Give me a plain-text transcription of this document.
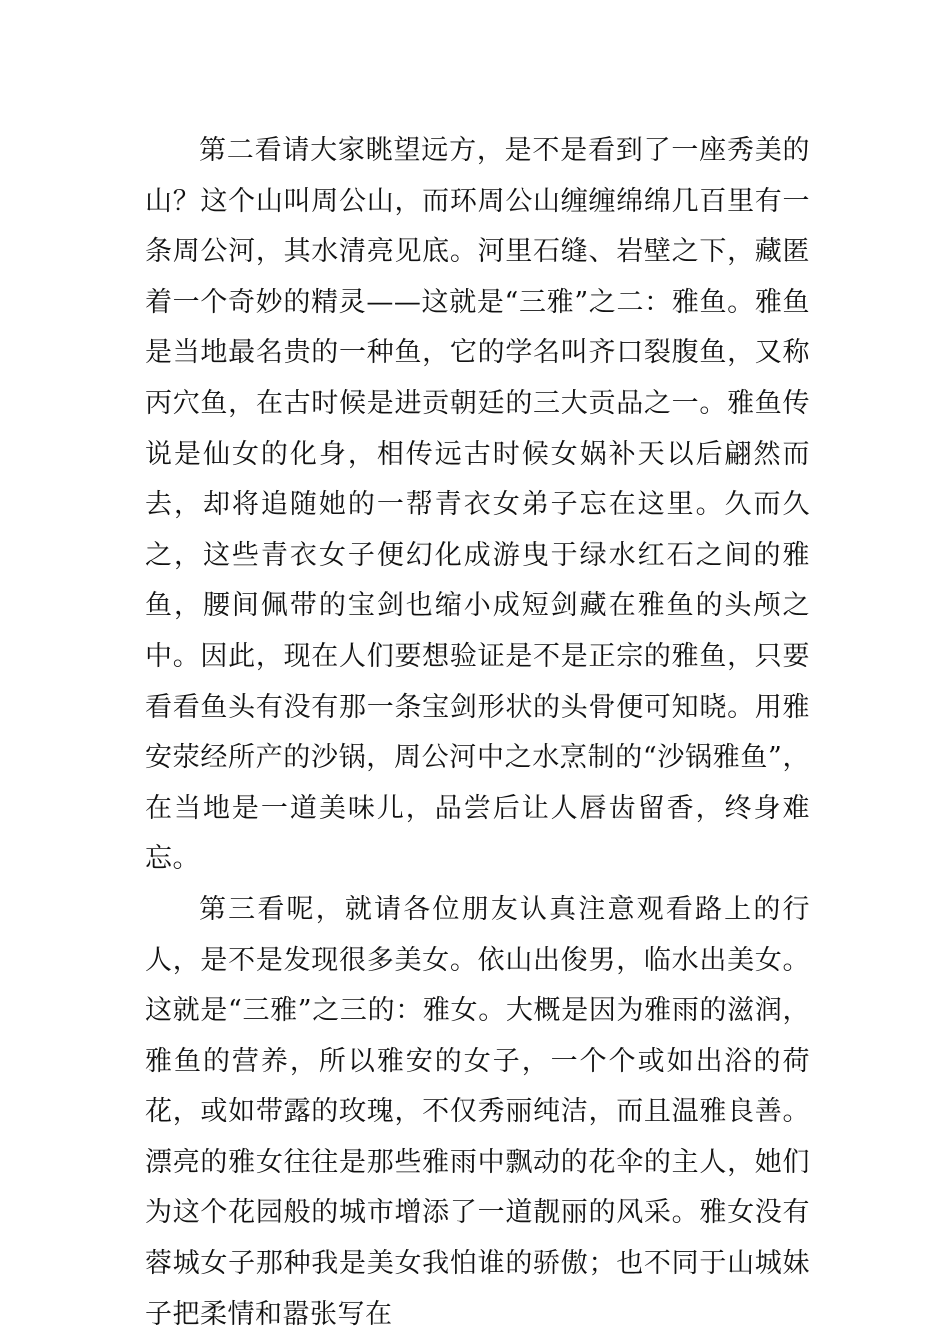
第二看请大家眺望远方，是不是看到了一座秀美的山？这个山叫周公山，而环周公山缠缠绵绵几百里有一条周公河，其水清亮见底。河里石缝、岩壁之下，藏匿着一个奇妙的精灵——这就是“三雅”之二：雅鱼。雅鱼是当地最名贵的一种鱼，它的学名叫齐口裂腹鱼，又称丙穴鱼，在古时候是进贡朝廷的三大贡品之一。雅鱼传说是仙女的化身，相传远古时候女娲补天以后翩然而去，却将追随她的一帮青衣女弟子忘在这里。久而久之，这些青衣女子便幻化成游曳于绿水红石之间的雅鱼，腰间佩带的宝剑也缩小成短剑藏在雅鱼的头颅之中。因此，现在人们要想验证是不是正宗的雅鱼，只要看看鱼头有没有那一条宝剑形状的头骨便可知晓。用雅安荥经所产的沙锅，周公河中之水烹制的“沙锅雅鱼”，在当地是一道美味儿，品尝后让人唇齿留香，终身难忘。

第三看呢，就请各位朋友认真注意观看路上的行人，是不是发现很多美女。依山出俊男，临水出美女。这就是“三雅”之三的：雅女。大概是因为雅雨的滋润，雅鱼的营养，所以雅安的女子，一个个或如出浴的荷花，或如带露的玫瑰，不仅秀丽纯洁，而且温雅良善。漂亮的雅女往往是那些雅雨中飘动的花伞的主人，她们为这个花园般的城市增添了一道靓丽的风采。雅女没有蓉城女子那种我是美女我怕谁的骄傲；也不同于山城妹子把柔情和嚣张写在
